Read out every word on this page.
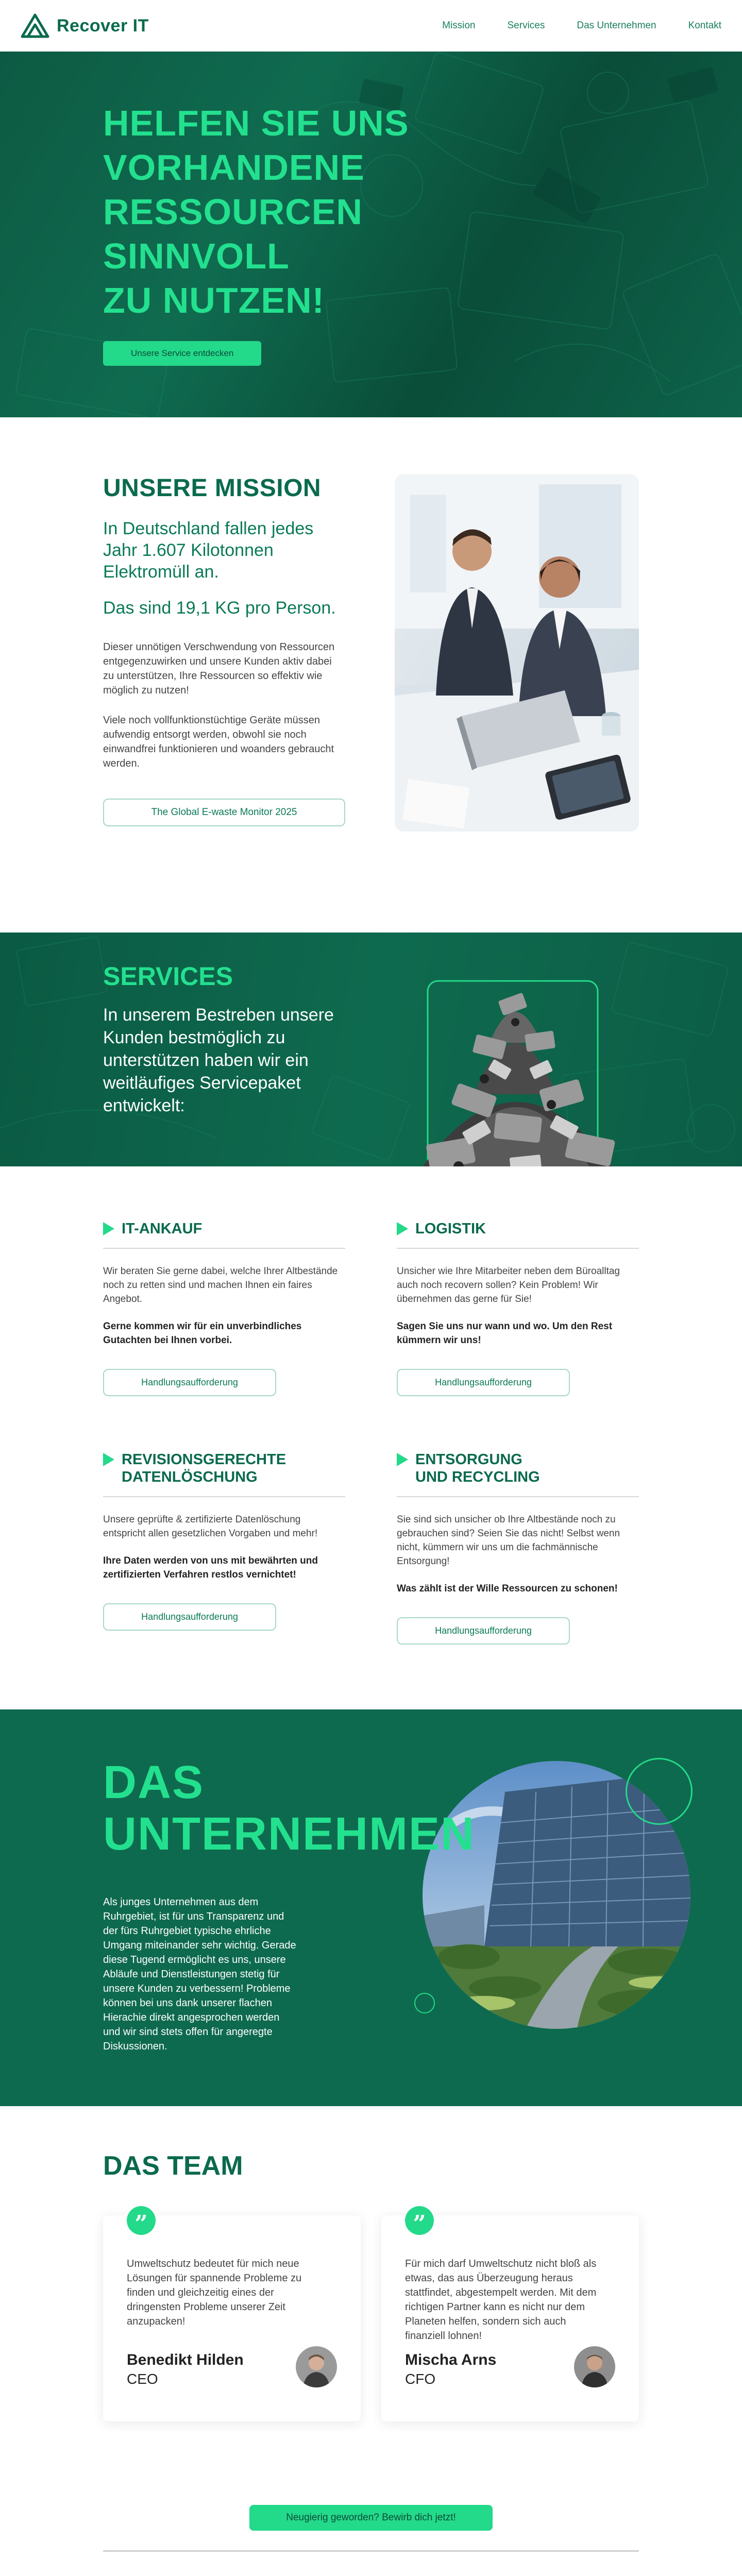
Recover IT	Mission	Services	Das Unternehmen	Kontakt
HELFEN SIE UNS
VORHANDENE
RESSOURCEN
SINNVOLL
ZU NUTZEN!
Unsere Service entdecken
UNSERE MISSION

In Deutschland fallen jedes Jahr 1.607 Kilotonnen Elektromüll an.

Das sind 19,1 KG pro Person.

Dieser unnötigen Verschwendung von Ressourcen entgegenzuwirken und unsere Kunden aktiv dabei zu unterstützen, Ihre Ressourcen so effektiv wie möglich zu nutzen!

Viele noch vollfunktionstüchtige Geräte müssen aufwendig entsorgt werden, obwohl sie noch einwandfrei funktionieren und woanders gebraucht werden.

The Global E-waste Monitor 2025
SERVICES

In unserem Bestreben unsere Kunden bestmöglich zu unterstützen haben wir ein weitläufiges Servicepaket entwickelt:

IT-ANKAUF

Wir beraten Sie gerne dabei, welche Ihrer Altbestände noch zu retten sind und machen Ihnen ein faires Angebot.

Gerne kommen wir für ein unverbindliches Gutachten bei Ihnen vorbei.

Handlungsaufforderung
LOGISTIK

Unsicher wie Ihre Mitarbeiter neben dem Büroalltag auch noch recovern sollen? Kein Problem! Wir übernehmen das gerne für Sie!

Sagen Sie uns nur wann und wo. Um den Rest kümmern wir uns!

Handlungsaufforderung
REVISIONSGERECHTE DATENLÖSCHUNG

Unsere geprüfte & zertifizierte Datenlöschung entspricht allen gesetzlichen Vorgaben und mehr!

Ihre Daten werden von uns mit bewährten und zertifizierten Verfahren restlos vernichtet!

Handlungsaufforderung
ENTSORGUNG UND RECYCLING

Sie sind sich unsicher ob Ihre Altbestände noch zu gebrauchen sind? Seien Sie das nicht! Selbst wenn nicht, kümmern wir uns um die fachmännische Entsorgung!

Was zählt ist der Wille Ressourcen zu schonen!

Handlungsaufforderung
DAS
UNTERNEHMEN

Als junges Unternehmen aus dem Ruhrgebiet, ist für uns Transparenz und der fürs Ruhrgebiet typische ehrliche Umgang miteinander sehr wichtig. Gerade diese Tugend ermöglicht es uns, unsere Abläufe und Dienstleistungen stetig für unsere Kunden zu verbessern! Probleme können bei uns dank unserer flachen Hierachie direkt angesprochen werden und wir sind stets offen für angeregte Diskussionen.

DAS TEAM
”

Umweltschutz bedeutet für mich neue Lösungen für spannende Probleme zu finden und gleichzeitig eines der dringensten Probleme unserer Zeit anzupacken!

Benedikt Hilden
CEO
”

Für mich darf Umweltschutz nicht bloß als etwas, das aus Überzeugung heraus stattfindet, abgestempelt werden. Mit dem richtigen Partner kann es nicht nur dem Planeten helfen, sondern sich auch finanziell lohnen!

Mischa Arns
CFO
Neugierig geworden? Bewirb dich jetzt!
